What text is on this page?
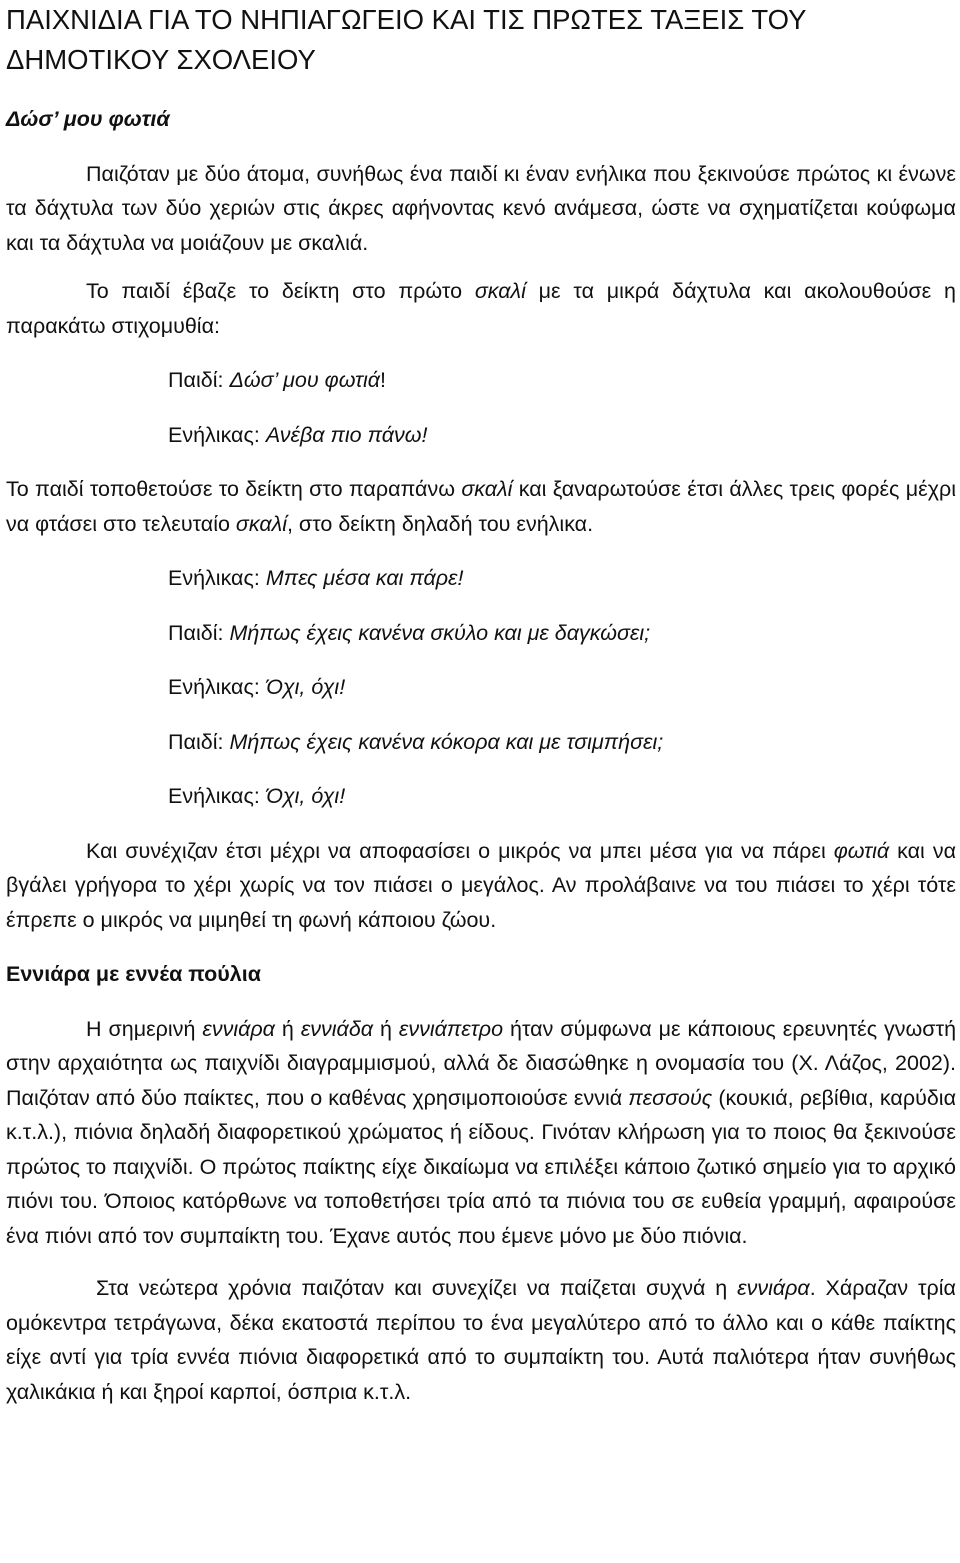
ΠΑΙΧΝΙΔΙΑ ΓΙΑ ΤΟ ΝΗΠΙΑΓΩΓΕΙΟ ΚΑΙ ΤΙΣ ΠΡΩΤΕΣ ΤΑΞΕΙΣ ΤΟΥ
ΔΗΜΟΤΙΚΟΥ ΣΧΟΛΕΙΟΥ

Δώσ’ μου φωτιά

Παιζόταν με δύο άτομα, συνήθως ένα παιδί κι έναν ενήλικα που ξεκινούσε πρώτος κι ένωνε τα δάχτυλα των δύο χεριών στις άκρες αφήνοντας κενό ανάμεσα, ώστε να σχηματίζεται κούφωμα και τα δάχτυλα να μοιάζουν με σκαλιά.

Το παιδί έβαζε το δείκτη στο πρώτο σκαλί με τα μικρά δάχτυλα και ακολουθούσε η παρακάτω στιχομυθία:

Παιδί: Δώσ’ μου φωτιά!

Ενήλικας: Ανέβα πιο πάνω!

Το παιδί τοποθετούσε το δείκτη στο παραπάνω σκαλί και ξαναρωτούσε έτσι άλλες τρεις φορές μέχρι να φτάσει στο τελευταίο σκαλί, στο δείκτη δηλαδή του ενήλικα.

Ενήλικας: Μπες μέσα και πάρε!

Παιδί: Μήπως έχεις κανένα σκύλο και με δαγκώσει;

Ενήλικας: Όχι, όχι!

Παιδί: Μήπως έχεις κανένα κόκορα και με τσιμπήσει;

Ενήλικας: Όχι, όχι!

Και συνέχιζαν έτσι μέχρι να αποφασίσει ο μικρός να μπει μέσα για να πάρει φωτιά και να βγάλει γρήγορα το χέρι χωρίς να τον πιάσει ο μεγάλος. Αν προλάβαινε να του πιάσει το χέρι τότε έπρεπε ο μικρός να μιμηθεί τη φωνή κάποιου ζώου.

Εννιάρα με εννέα πούλια

Η σημερινή εννιάρα ή εννιάδα ή εννιάπετρο ήταν σύμφωνα με κάποιους ερευνητές γνωστή στην αρχαιότητα ως παιχνίδι διαγραμμισμού, αλλά δε διασώθηκε η ονομασία του (Χ. Λάζος, 2002). Παιζόταν από δύο παίκτες, που ο καθένας χρησιμοποιούσε εννιά πεσσούς (κουκιά, ρεβίθια, καρύδια κ.τ.λ.), πιόνια δηλαδή διαφορετικού χρώματος ή είδους. Γινόταν κλήρωση για το ποιος θα ξεκινούσε πρώτος το παιχνίδι. Ο πρώτος παίκτης είχε δικαίωμα να επιλέξει κάποιο ζωτικό σημείο για το αρχικό πιόνι του. Όποιος κατόρθωνε να τοποθετήσει τρία από τα πιόνια του σε ευθεία γραμμή, αφαιρούσε ένα πιόνι από τον συμπαίκτη του. Έχανε αυτός που έμενε μόνο με δύο πιόνια.

Στα νεώτερα χρόνια παιζόταν και συνεχίζει να παίζεται συχνά η εννιάρα. Χάραζαν τρία ομόκεντρα τετράγωνα, δέκα εκατοστά περίπου το ένα μεγαλύτερο από το άλλο και ο κάθε παίκτης είχε αντί για τρία εννέα πιόνια διαφορετικά από το συμπαίκτη του. Αυτά παλιότερα ήταν συνήθως χαλικάκια ή και ξηροί καρποί, όσπρια κ.τ.λ.
